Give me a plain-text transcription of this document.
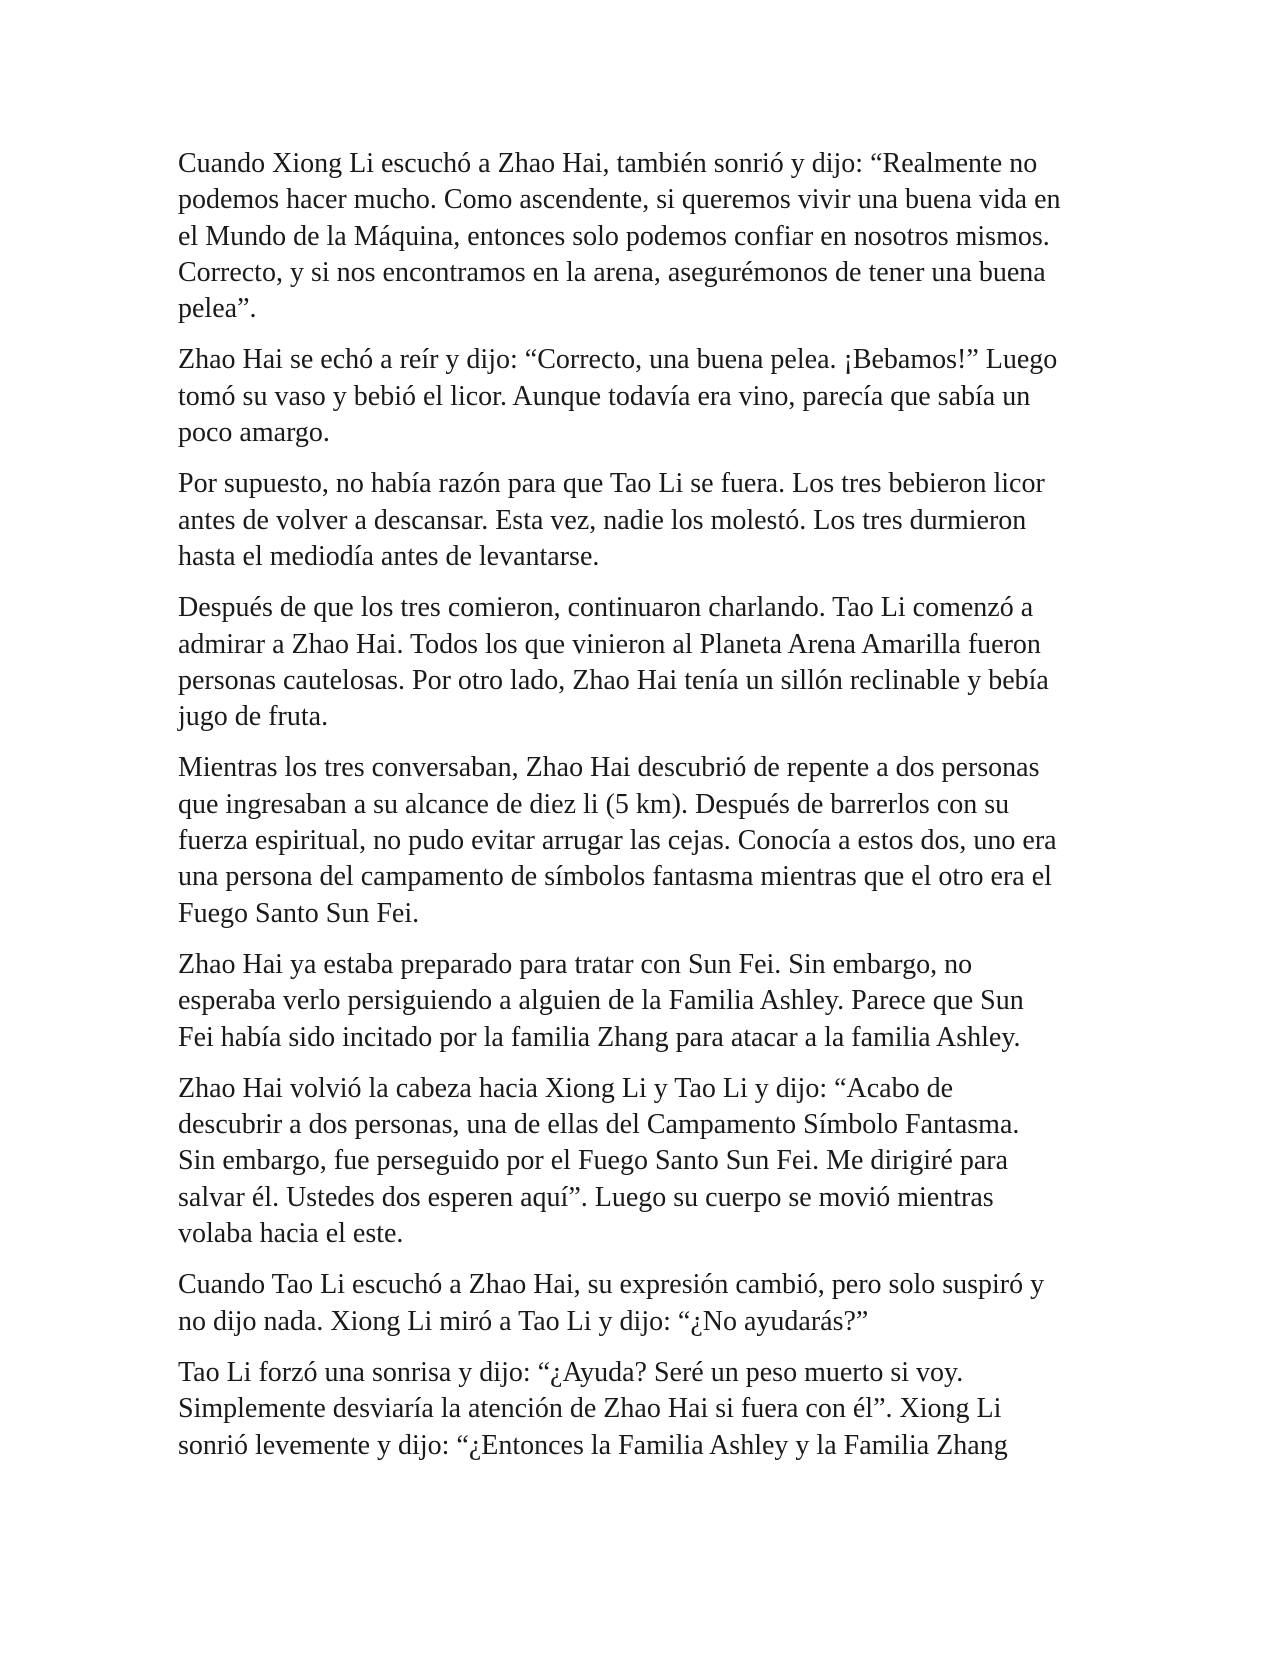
Cuando Xiong Li escuchó a Zhao Hai, también sonrió y dijo: “Realmente no
podemos hacer mucho. Como ascendente, si queremos vivir una buena vida en
el Mundo de la Máquina, entonces solo podemos confiar en nosotros mismos.
Correcto, y si nos encontramos en la arena, asegurémonos de tener una buena
pelea”.

Zhao Hai se echó a reír y dijo: “Correcto, una buena pelea. ¡Bebamos!” Luego
tomó su vaso y bebió el licor. Aunque todavía era vino, parecía que sabía un
poco amargo.

Por supuesto, no había razón para que Tao Li se fuera. Los tres bebieron licor
antes de volver a descansar. Esta vez, nadie los molestó. Los tres durmieron
hasta el mediodía antes de levantarse.

Después de que los tres comieron, continuaron charlando. Tao Li comenzó a
admirar a Zhao Hai. Todos los que vinieron al Planeta Arena Amarilla fueron
personas cautelosas. Por otro lado, Zhao Hai tenía un sillón reclinable y bebía
jugo de fruta.

Mientras los tres conversaban, Zhao Hai descubrió de repente a dos personas
que ingresaban a su alcance de diez li (5 km). Después de barrerlos con su
fuerza espiritual, no pudo evitar arrugar las cejas. Conocía a estos dos, uno era
una persona del campamento de símbolos fantasma mientras que el otro era el
Fuego Santo Sun Fei.

Zhao Hai ya estaba preparado para tratar con Sun Fei. Sin embargo, no
esperaba verlo persiguiendo a alguien de la Familia Ashley. Parece que Sun
Fei había sido incitado por la familia Zhang para atacar a la familia Ashley.

Zhao Hai volvió la cabeza hacia Xiong Li y Tao Li y dijo: “Acabo de
descubrir a dos personas, una de ellas del Campamento Símbolo Fantasma.
Sin embargo, fue perseguido por el Fuego Santo Sun Fei. Me dirigiré para
salvar él. Ustedes dos esperen aquí”. Luego su cuerpo se movió mientras
volaba hacia el este.

Cuando Tao Li escuchó a Zhao Hai, su expresión cambió, pero solo suspiró y
no dijo nada. Xiong Li miró a Tao Li y dijo: “¿No ayudarás?”

Tao Li forzó una sonrisa y dijo: “¿Ayuda? Seré un peso muerto si voy.
Simplemente desviaría la atención de Zhao Hai si fuera con él”. Xiong Li
sonrió levemente y dijo: “¿Entonces la Familia Ashley y la Familia Zhang
